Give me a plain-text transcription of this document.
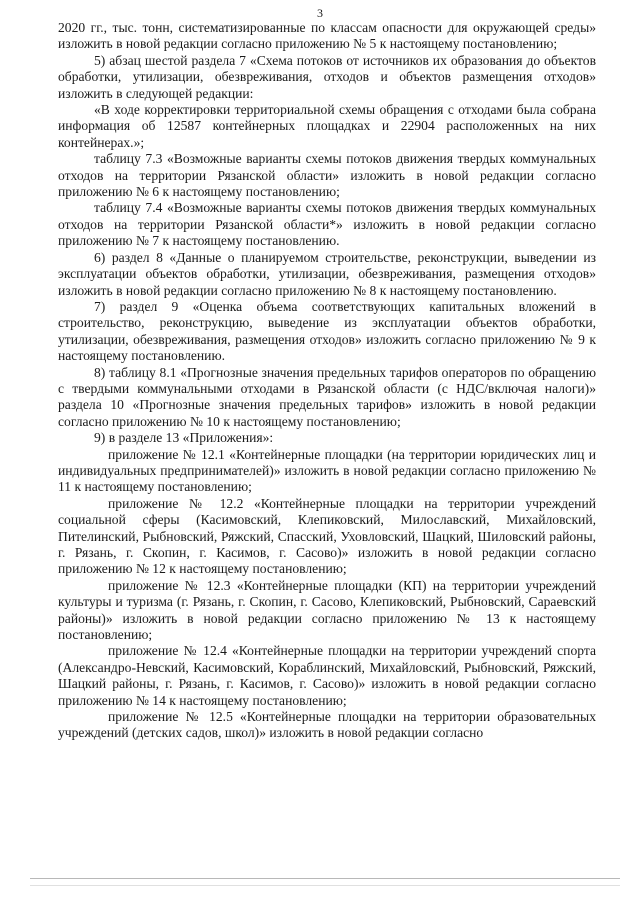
3

2020 гг., тыс. тонн, систематизированные по классам опасности для окружающей среды» изложить в новой редакции согласно приложению № 5 к настоящему постановлению;

5) абзац шестой раздела 7 «Схема потоков от источников их образования до объектов обработки, утилизации, обезвреживания, отходов и объектов размещения отходов» изложить в следующей редакции:

«В ходе корректировки территориальной схемы обращения с отходами была собрана информация об 12587 контейнерных площадках и 22904 расположенных на них контейнерах.»;

таблицу 7.3 «Возможные варианты схемы потоков движения твердых коммунальных отходов на территории Рязанской области» изложить в новой редакции согласно приложению № 6 к настоящему постановлению;

таблицу 7.4 «Возможные варианты схемы потоков движения твердых коммунальных отходов на территории Рязанской области*» изложить в новой редакции согласно приложению № 7 к настоящему постановлению.

6) раздел 8 «Данные о планируемом строительстве, реконструкции, выведении из эксплуатации объектов обработки, утилизации, обезвреживания, размещения отходов» изложить в новой редакции согласно приложению № 8 к настоящему постановлению.

7) раздел 9 «Оценка объема соответствующих капитальных вложений в строительство, реконструкцию, выведение из эксплуатации объектов обработки, утилизации, обезвреживания, размещения отходов» изложить согласно приложению № 9 к настоящему постановлению.

8) таблицу 8.1 «Прогнозные значения предельных тарифов операторов по обращению с твердыми коммунальными отходами в Рязанской области (с НДС/включая налоги)» раздела 10 «Прогнозные значения предельных тарифов» изложить в новой редакции согласно приложению № 10 к настоящему постановлению;

9) в разделе 13 «Приложения»:

приложение № 12.1 «Контейнерные площадки (на территории юридических лиц и индивидуальных предпринимателей)» изложить в новой редакции согласно приложению № 11 к настоящему постановлению;

приложение № 12.2 «Контейнерные площадки на территории учреждений социальной сферы (Касимовский, Клепиковский, Милославский, Михайловский, Пителинский, Рыбновский, Ряжский, Спасский, Уховловский, Шацкий, Шиловский районы, г. Рязань, г. Скопин, г. Касимов, г. Сасово)» изложить в новой редакции согласно приложению № 12 к настоящему постановлению;

приложение № 12.3 «Контейнерные площадки (КП) на территории учреждений культуры и туризма (г. Рязань, г. Скопин, г. Сасово, Клепиковский, Рыбновский, Сараевский районы)» изложить в новой редакции согласно приложению № 13 к настоящему постановлению;

приложение № 12.4 «Контейнерные площадки на территории учреждений спорта (Александро-Невский, Касимовский, Кораблинский, Михайловский, Рыбновский, Ряжский, Шацкий районы, г. Рязань, г. Касимов, г. Сасово)» изложить в новой редакции согласно приложению № 14 к настоящему постановлению;

приложение № 12.5 «Контейнерные площадки на территории образовательных учреждений (детских садов, школ)» изложить в новой редакции согласно
